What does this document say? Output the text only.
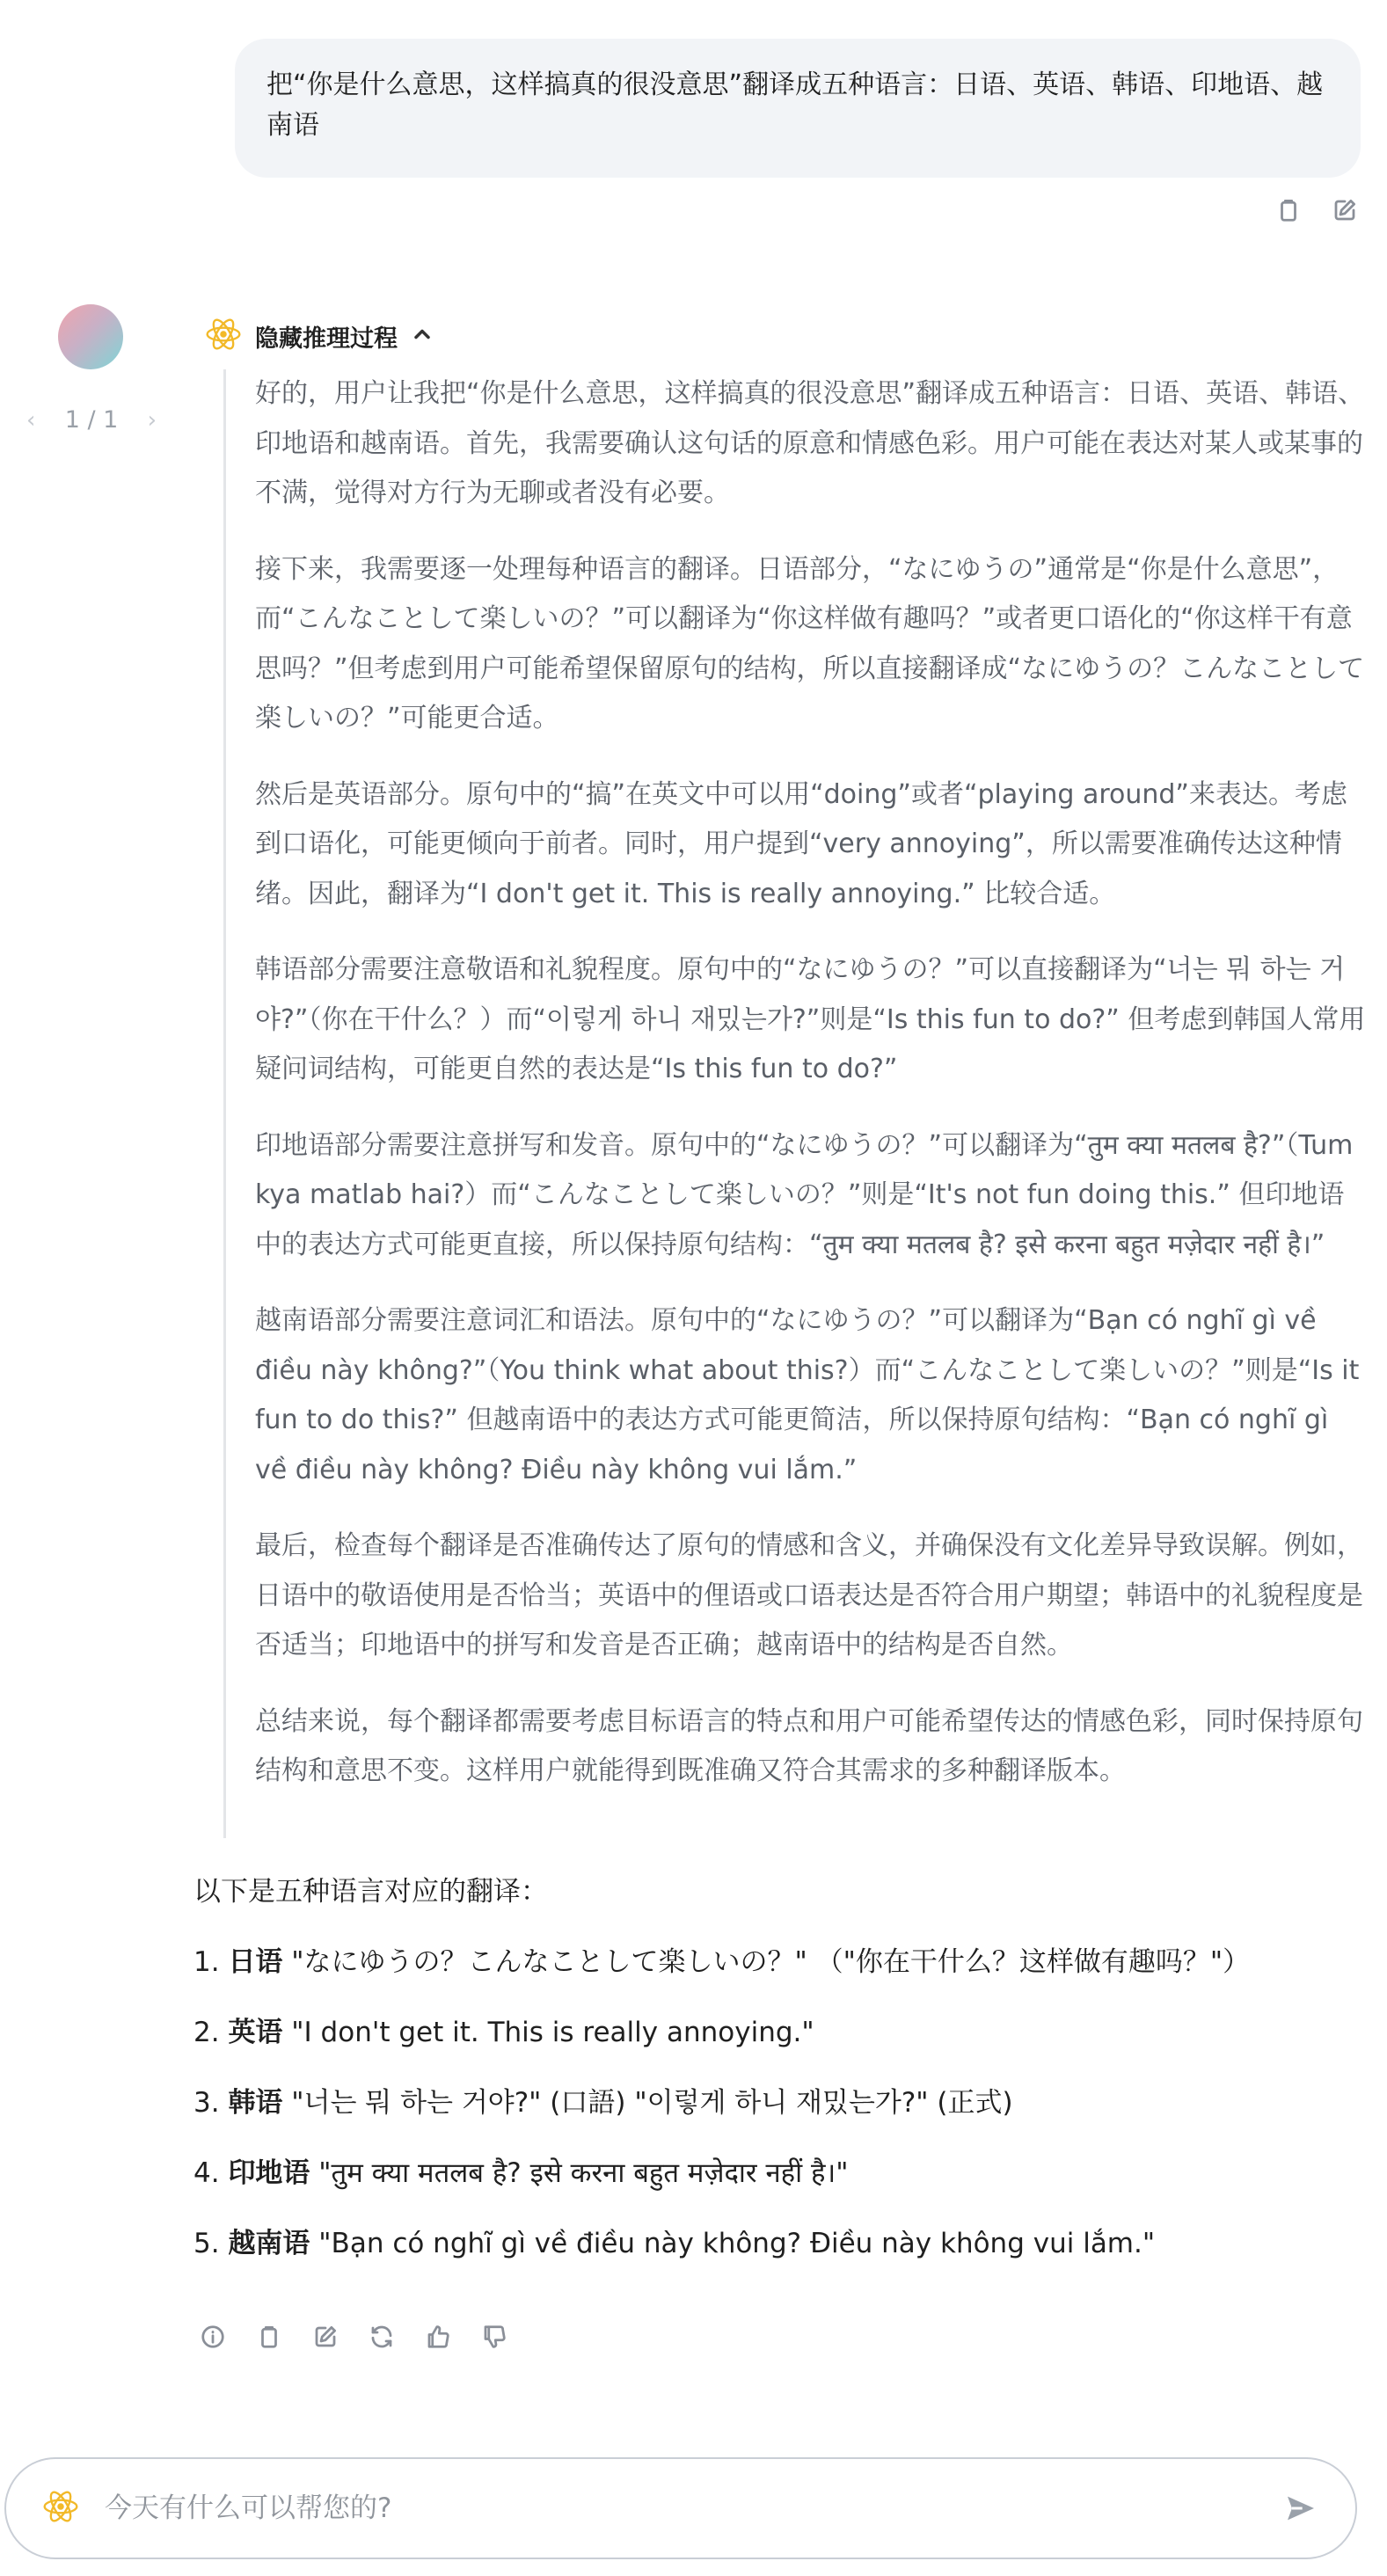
把“你是什么意思，这样搞真的很没意思”翻译成五种语言：日语、英语、韩语、印地语、越南语
‹ 1 / 1 ›
隐藏推理过程

好的，用户让我把“你是什么意思，这样搞真的很没意思”翻译成五种语言：日语、英语、韩语、印地语和越南语。首先，我需要确认这句话的原意和情感色彩。用户可能在表达对某人或某事的不满，觉得对方行为无聊或者没有必要。

接下来，我需要逐一处理每种语言的翻译。日语部分，“なにゆうの”通常是“你是什么意思”，而“こんなことして楽しいの？”可以翻译为“你这样做有趣吗？”或者更口语化的“你这样干有意思吗？”但考虑到用户可能希望保留原句的结构，所以直接翻译成“なにゆうの？こんなことして楽しいの？”可能更合适。

然后是英语部分。原句中的“搞”在英文中可以用“doing”或者“playing around”来表达。考虑到口语化，可能更倾向于前者。同时，用户提到“very annoying”，所以需要准确传达这种情绪。因此，翻译为“I don't get it. This is really annoying.” 比较合适。

韩语部分需要注意敬语和礼貌程度。原句中的“なにゆうの？”可以直接翻译为“너는 뭐 하는 거야?”（你在干什么？）而“이렇게 하니 재밌는가?”则是“Is this fun to do?” 但考虑到韩国人常用疑问词结构，可能更自然的表达是“Is this fun to do?”

印地语部分需要注意拼写和发音。原句中的“なにゆうの？”可以翻译为“तुम क्या मतलब है?”（Tum kya matlab hai?）而“こんなことして楽しいの？”则是“It's not fun doing this.” 但印地语中的表达方式可能更直接，所以保持原句结构：“तुम क्या मतलब है? इसे करना बहुत मज़ेदार नहीं है।”

越南语部分需要注意词汇和语法。原句中的“なにゆうの？”可以翻译为“Bạn có nghĩ gì về điều này không?”（You think what about this?）而“こんなことして楽しいの？”则是“Is it fun to do this?” 但越南语中的表达方式可能更简洁，所以保持原句结构：“Bạn có nghĩ gì về điều này không? Điều này không vui lắm.”

最后，检查每个翻译是否准确传达了原句的情感和含义，并确保没有文化差异导致误解。例如，日语中的敬语使用是否恰当；英语中的俚语或口语表达是否符合用户期望；韩语中的礼貌程度是否适当；印地语中的拼写和发音是否正确；越南语中的结构是否自然。

总结来说，每个翻译都需要考虑目标语言的特点和用户可能希望传达的情感色彩，同时保持原句结构和意思不变。这样用户就能得到既准确又符合其需求的多种翻译版本。

以下是五种语言对应的翻译：
1. 日语 "なにゆうの？こんなことして楽しいの？" （"你在干什么？这样做有趣吗？"）
2. 英语 "I don't get it. This is really annoying."
3. 韩语 "너는 뭐 하는 거야?" (口語) "이렇게 하니 재밌는가?" (正式)
4. 印地语 "तुम क्या मतलब है? इसे करना बहुत मज़ेदार नहीं है।"
5. 越南语 "Bạn có nghĩ gì về điều này không? Điều này không vui lắm."
今天有什么可以帮您的?
